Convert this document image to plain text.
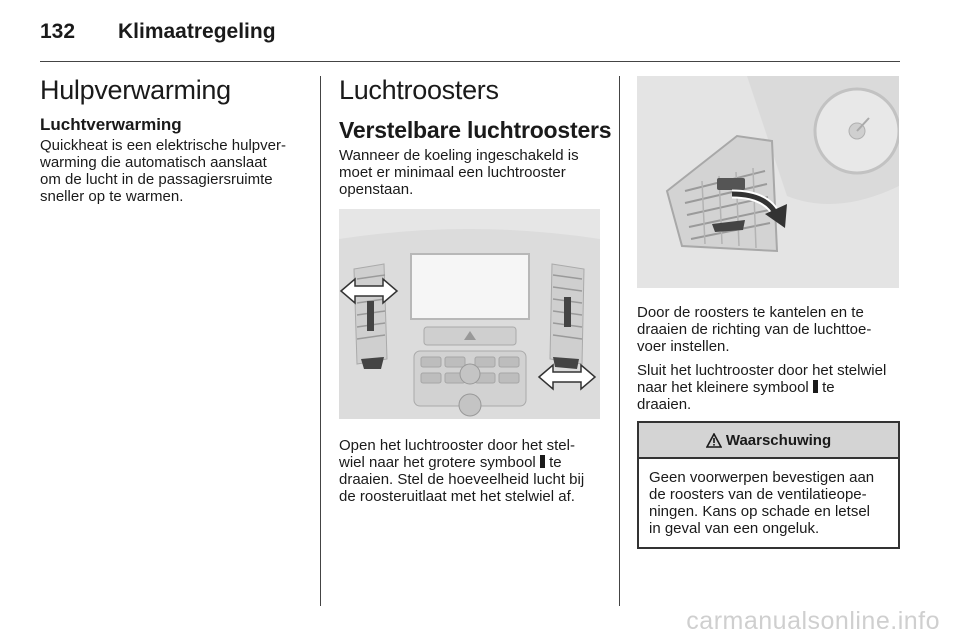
132 Klimaatregeling
Hulpverwarming
Luchtverwarming
Quickheat is een elektrische hulpver-
warming die automatisch aanslaat
om de lucht in de passagiersruimte
sneller op te warmen.
Luchtroosters
Verstelbare luchtroosters
Wanneer de koeling ingeschakeld is
moet er minimaal een luchtrooster
openstaan.
Open het luchtrooster door het stel-
wiel naar het grotere symbool  te
draaien. Stel de hoeveelheid lucht bij
de roosteruitlaat met het stelwiel af.
Door de roosters te kantelen en te
draaien de richting van de luchttoe-
voer instellen.
Sluit het luchtrooster door het stelwiel
naar het kleinere symbool  te
draaien.
Waarschuwing
Geen voorwerpen bevestigen aan
de roosters van de ventilatieope-
ningen. Kans op schade en letsel
in geval van een ongeluk.
carmanualsonline.info
